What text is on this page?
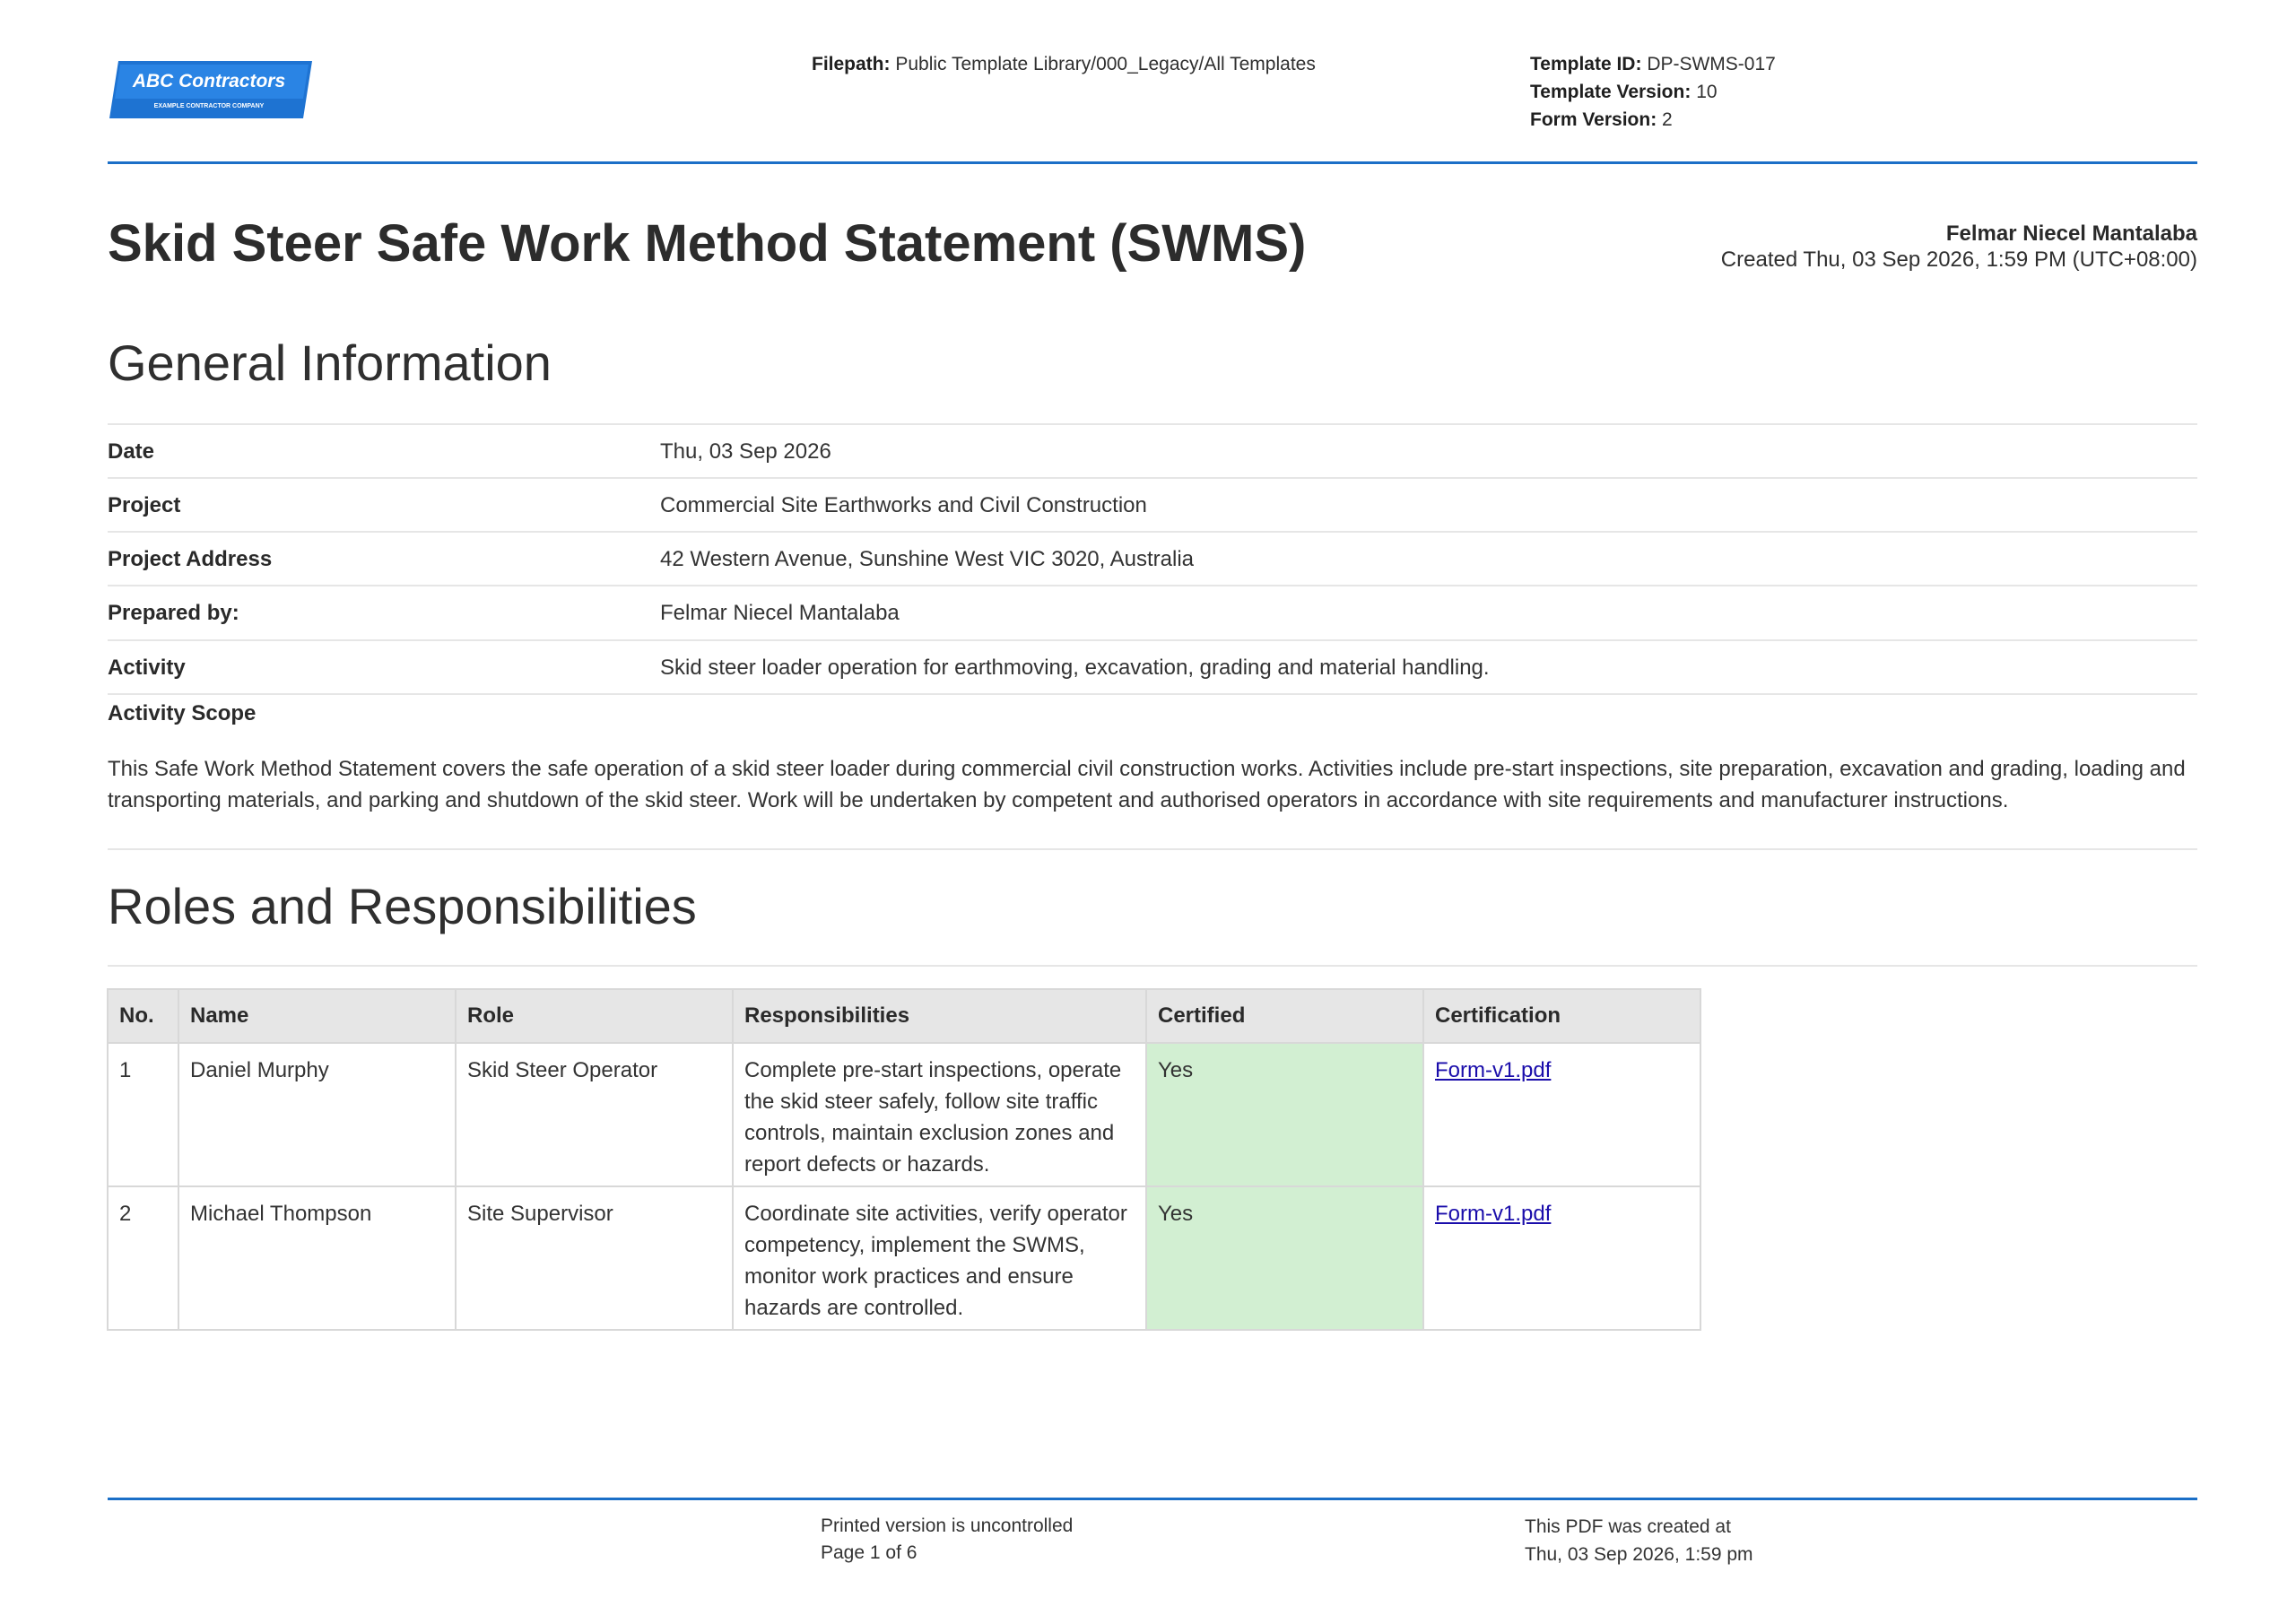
ABC Contractors
EXAMPLE CONTRACTOR COMPANY
Filepath: Public Template Library/000_Legacy/All Templates	Template ID: DP-SWMS-017
Template Version: 10
Form Version: 2
Skid Steer Safe Work Method Statement (SWMS)	Felmar Niecel Mantalaba
Created Thu, 03 Sep 2026, 1:59 PM (UTC+08:00)
General Information
Date	Thu, 03 Sep 2026
Project	Commercial Site Earthworks and Civil Construction
Project Address	42 Western Avenue, Sunshine West VIC 3020, Australia
Prepared by:	Felmar Niecel Mantalaba
Activity	Skid steer loader operation for earthmoving, excavation, grading and material handling.
Activity Scope
This Safe Work Method Statement covers the safe operation of a skid steer loader during commercial civil construction works. Activities include pre-start inspections, site preparation, excavation and grading, loading and transporting materials, and parking and shutdown of the skid steer. Work will be undertaken by competent and authorised operators in accordance with site requirements and manufacturer instructions.
Roles and Responsibilities
No.	Name	Role	Responsibilities	Certified	Certification
1	Daniel Murphy	Skid Steer Operator	Complete pre-start inspections, operate the skid steer safely, follow site traffic controls, maintain exclusion zones and report defects or hazards.	Yes	Form-v1.pdf
2	Michael Thompson	Site Supervisor	Coordinate site activities, verify operator competency, implement the SWMS, monitor work practices and ensure hazards are controlled.	Yes	Form-v1.pdf
Printed version is uncontrolled
Page 1 of 6
This PDF was created at
Thu, 03 Sep 2026, 1:59 pm
